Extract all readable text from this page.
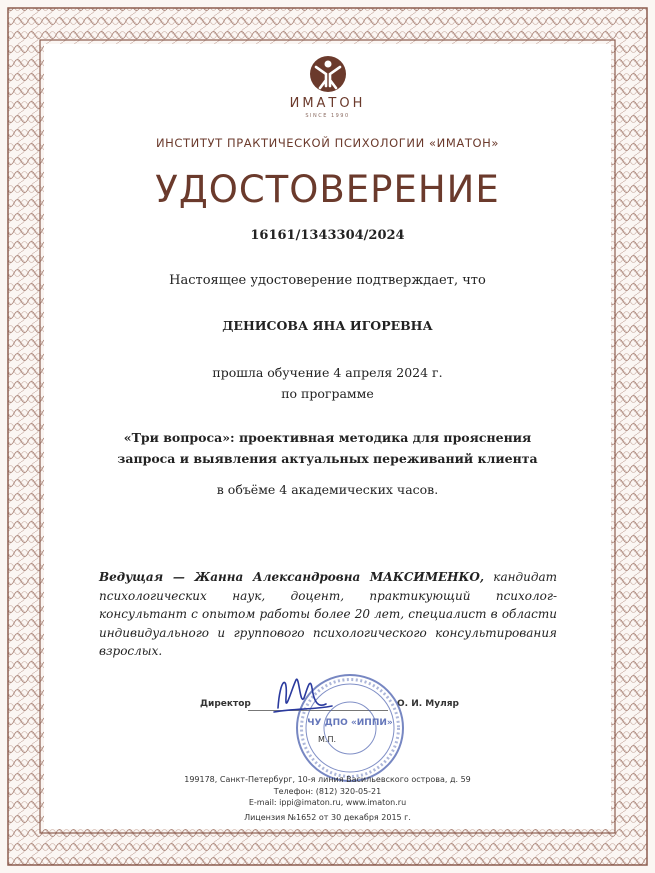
ИМАТОН
SINCE 1990
ИНСТИТУТ ПРАКТИЧЕСКОЙ ПСИХОЛОГИИ «ИМАТОН»
УДОСТОВЕРЕНИЕ
16161/1343304/2024
Настоящее удостоверение подтверждает, что
ДЕНИСОВА ЯНА ИГОРЕВНА
прошла обучение 4 апреля 2024 г.
по программе
«Три вопроса»: проективная методика для прояснения
запроса и выявления актуальных переживаний клиента
в объёме 4 академических часов.
Ведущая — Жанна Александровна МАКСИМЕНКО, кандидат психологических наук, доцент, практикующий психолог-консультант с опытом работы более 20 лет, специалист в области индивидуального и группового психологического консультирования взрослых.
Директор	О. И. Муляр
ЧУ ДПО «ИППИ»
М.П.
199178, Санкт-Петербург, 10-я линия Васильевского острова, д. 59
Телефон: (812) 320-05-21
E-mail: ippi@imaton.ru, www.imaton.ru
Лицензия №1652 от 30 декабря 2015 г.
